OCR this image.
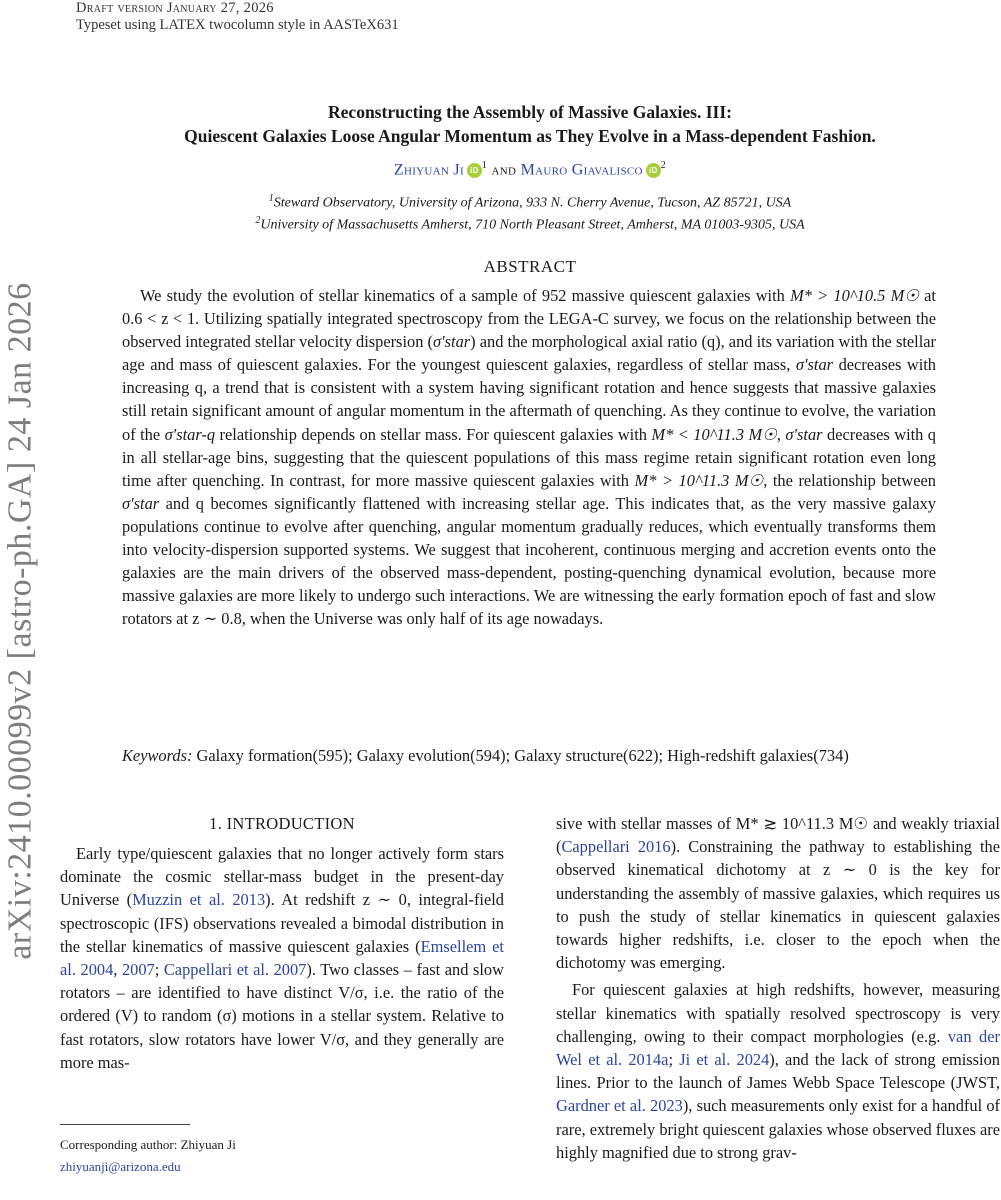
Draft version January 27, 2026
Typeset using LATEX twocolumn style in AASTeX631
arXiv:2410.00099v2 [astro-ph.GA] 24 Jan 2026
Reconstructing the Assembly of Massive Galaxies. III:
Quiescent Galaxies Loose Angular Momentum as They Evolve in a Mass-dependent Fashion.
Zhiyuan Ji iD $^1$ and Mauro Giavalisco iD $^2$
$^1$Steward Observatory, University of Arizona, 933 N. Cherry Avenue, Tucson, AZ 85721, USA
$^2$University of Massachusetts Amherst, 710 North Pleasant Street, Amherst, MA 01003-9305, USA
ABSTRACT

We study the evolution of stellar kinematics of a sample of 952 massive quiescent galaxies with M* > 10^10.5 M☉ at 0.6 < z < 1. Utilizing spatially integrated spectroscopy from the LEGA-C survey, we focus on the relationship between the observed integrated stellar velocity dispersion (σ′star) and the morphological axial ratio (q), and its variation with the stellar age and mass of quiescent galaxies. For the youngest quiescent galaxies, regardless of stellar mass, σ′star decreases with increasing q, a trend that is consistent with a system having significant rotation and hence suggests that massive galaxies still retain significant amount of angular momentum in the aftermath of quenching. As they continue to evolve, the variation of the σ′star-q relationship depends on stellar mass. For quiescent galaxies with M* < 10^11.3 M☉, σ′star decreases with q in all stellar-age bins, suggesting that the quiescent populations of this mass regime retain significant rotation even long time after quenching. In contrast, for more massive quiescent galaxies with M* > 10^11.3 M☉, the relationship between σ′star and q becomes significantly flattened with increasing stellar age. This indicates that, as the very massive galaxy populations continue to evolve after quenching, angular momentum gradually reduces, which eventually transforms them into velocity-dispersion supported systems. We suggest that incoherent, continuous merging and accretion events onto the galaxies are the main drivers of the observed mass-dependent, posting-quenching dynamical evolution, because more massive galaxies are more likely to undergo such interactions. We are witnessing the early formation epoch of fast and slow rotators at z ∼ 0.8, when the Universe was only half of its age nowadays.

Keywords: Galaxy formation(595); Galaxy evolution(594); Galaxy structure(622); High-redshift galaxies(734)
1. INTRODUCTION

Early type/quiescent galaxies that no longer actively form stars dominate the cosmic stellar-mass budget in the present-day Universe (Muzzin et al. 2013). At redshift z ∼ 0, integral-field spectroscopic (IFS) observations revealed a bimodal distribution in the stellar kinematics of massive quiescent galaxies (Emsellem et al. 2004, 2007; Cappellari et al. 2007). Two classes – fast and slow rotators – are identified to have distinct V/σ, i.e. the ratio of the ordered (V) to random (σ) motions in a stellar system. Relative to fast rotators, slow rotators have lower V/σ, and they generally are more mas-

sive with stellar masses of M* ≳ 10^11.3 M☉ and weakly triaxial (Cappellari 2016). Constraining the pathway to establishing the observed kinematical dichotomy at z ∼ 0 is the key for understanding the assembly of massive galaxies, which requires us to push the study of stellar kinematics in quiescent galaxies towards higher redshifts, i.e. closer to the epoch when the dichotomy was emerging.

For quiescent galaxies at high redshifts, however, measuring stellar kinematics with spatially resolved spectroscopy is very challenging, owing to their compact morphologies (e.g. van der Wel et al. 2014a; Ji et al. 2024), and the lack of strong emission lines. Prior to the launch of James Webb Space Telescope (JWST, Gardner et al. 2023), such measurements only exist for a handful of rare, extremely bright quiescent galaxies whose observed fluxes are highly magnified due to strong grav-

Corresponding author: Zhiyuan Ji
zhiyuanji@arizona.edu
